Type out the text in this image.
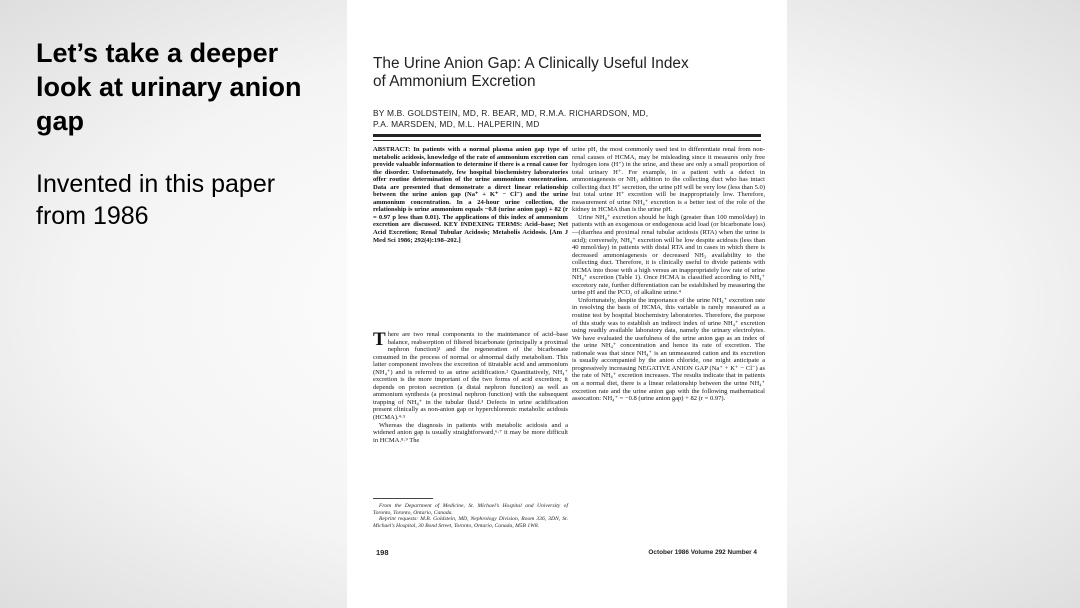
Let’s take a deeper look at urinary anion gap
Invented in this paper from 1986
The Urine Anion Gap: A Clinically Useful Index
of Ammonium Excretion
BY M.B. GOLDSTEIN, MD, R. BEAR, MD, R.M.A. RICHARDSON, MD,
P.A. MARSDEN, MD, M.L. HALPERIN, MD

ABSTRACT: In patients with a normal plasma anion gap type of metabolic acidosis, knowledge of the rate of ammonium excretion can provide valuable information to determine if there is a renal cause for the disorder. Unfortunately, few hospital biochemistry laboratories offer routine determination of the urine ammonium concentration. Data are presented that demonstrate a direct linear relationship between the urine anion gap (Na⁺ + K⁺ − Cl⁻) and the urine ammonium concentration. In a 24-hour urine collection, the relationship is urine ammonium equals −0.8 (urine anion gap) + 82 (r = 0.97 p less than 0.01). The applications of this index of ammonium excretion are discussed. KEY INDEXING TERMS: Acid–base; Net Acid Excretion; Renal Tubular Acidosis; Metabolis Acidosis. [Am J Med Sci 1986; 292(4):198–202.]

There are two renal components to the maintenance of acid–base balance, reabsorption of filtered bicarbonate (principally a proximal nephron function)¹ and the regeneration of the bicarbonate consumed in the process of normal or abnormal daily metabolism. This latter component involves the excretion of titratable acid and ammonium (NH₄⁺) and is referred to as urine acidification.² Quantitatively, NH₄⁺ excretion is the more important of the two forms of acid excretion; it depends on proton secretion (a distal nephron function) as well as ammonium synthesis (a proximal nephron function) with the subsequent trapping of NH₄⁺ in the tubular fluid.³ Defects in urine acidification present clinically as non-anion gap or hyperchloremic metabolic acidosis (HCMA).⁴·⁵

Whereas the diagnosis in patients with metabolic acidosis and a widened anion gap is usually straightforward,⁶·⁷ it may be more difficult in HCMA.⁸·⁹ The

urine pH, the most commonly used test to differentiate renal from non-renal causes of HCMA, may be misleading since it measures only free hydrogen ions (H⁺) in the urine, and these are only a small proportion of total urinary H⁺. For example, in a patient with a defect in ammoniagenesis or NH₃ addition to the collecting duct who has intact collecting duct H⁺ secretion, the urine pH will be very low (less than 5.0) but total urine H⁺ excretion will be inappropriately low. Therefore, measurement of urine NH₄⁺ excretion is a better test of the role of the kidney in HCMA than is the urine pH.

Urine NH₄⁺ excretion should be high (greater than 100 mmol/day) in patients with an exogenous or endogenous acid load (or bicarbonate loss)—(diarrhea and proximal renal tubular acidosis (RTA) when the urine is acid); conversely, NH₄⁺ excretion will be low despite acidosis (less than 40 mmol/day) in patients with distal RTA and in cases in which there is decreased ammoniagenesis or decreased NH₃ availability to the collecting duct. Therefore, it is clinically useful to divide patients with HCMA into those with a high versus an inappropriately low rate of urine NH₄⁺ excretion (Table 1). Once HCMA is classified according to NH₄⁺ excretory rate, further differentiation can be established by measuring the urine pH and the PCO₂ of alkaline urine.⁴

Unfortunately, despite the importance of the urine NH₄⁺ excretion rate in resolving the basis of HCMA, this variable is rarely measured as a routine test by hospital biochemistry laboratories. Therefore, the purpose of this study was to establish an indirect index of urine NH₄⁺ excretion using readily available laboratory data, namely the urinary electrolytes. We have evaluated the usefulness of the urine anion gap as an index of the urine NH₄⁺ concentration and hence its rate of excretion. The rationale was that since NH₄⁺ is an unmeasured cation and its excretion is usually accompanied by the anion chloride, one might anticipate a progressively increasing NEGATIVE ANION GAP (Na⁺ + K⁺ − Cl⁻) as the rate of NH₄⁺ excretion increases. The results indicate that in patients on a normal diet, there is a linear relationship between the urine NH₄⁺ excretion rate and the urine anion gap with the following mathematical assocation: NH₄⁺ = −0.8 (urine anion gap) + 82 (r = 0.97).

From the Department of Medicine, St. Michael’s Hospital and University of Toronto, Toronto, Ontario, Canada.

Reprint requests: M.B. Goldstein, MD, Nephrology Division, Room 336, 3DN, St. Michael’s Hospital, 30 Bond Street, Toronto, Ontario, Canada, M5B 1W8.

198	October 1986 Volume 292 Number 4
